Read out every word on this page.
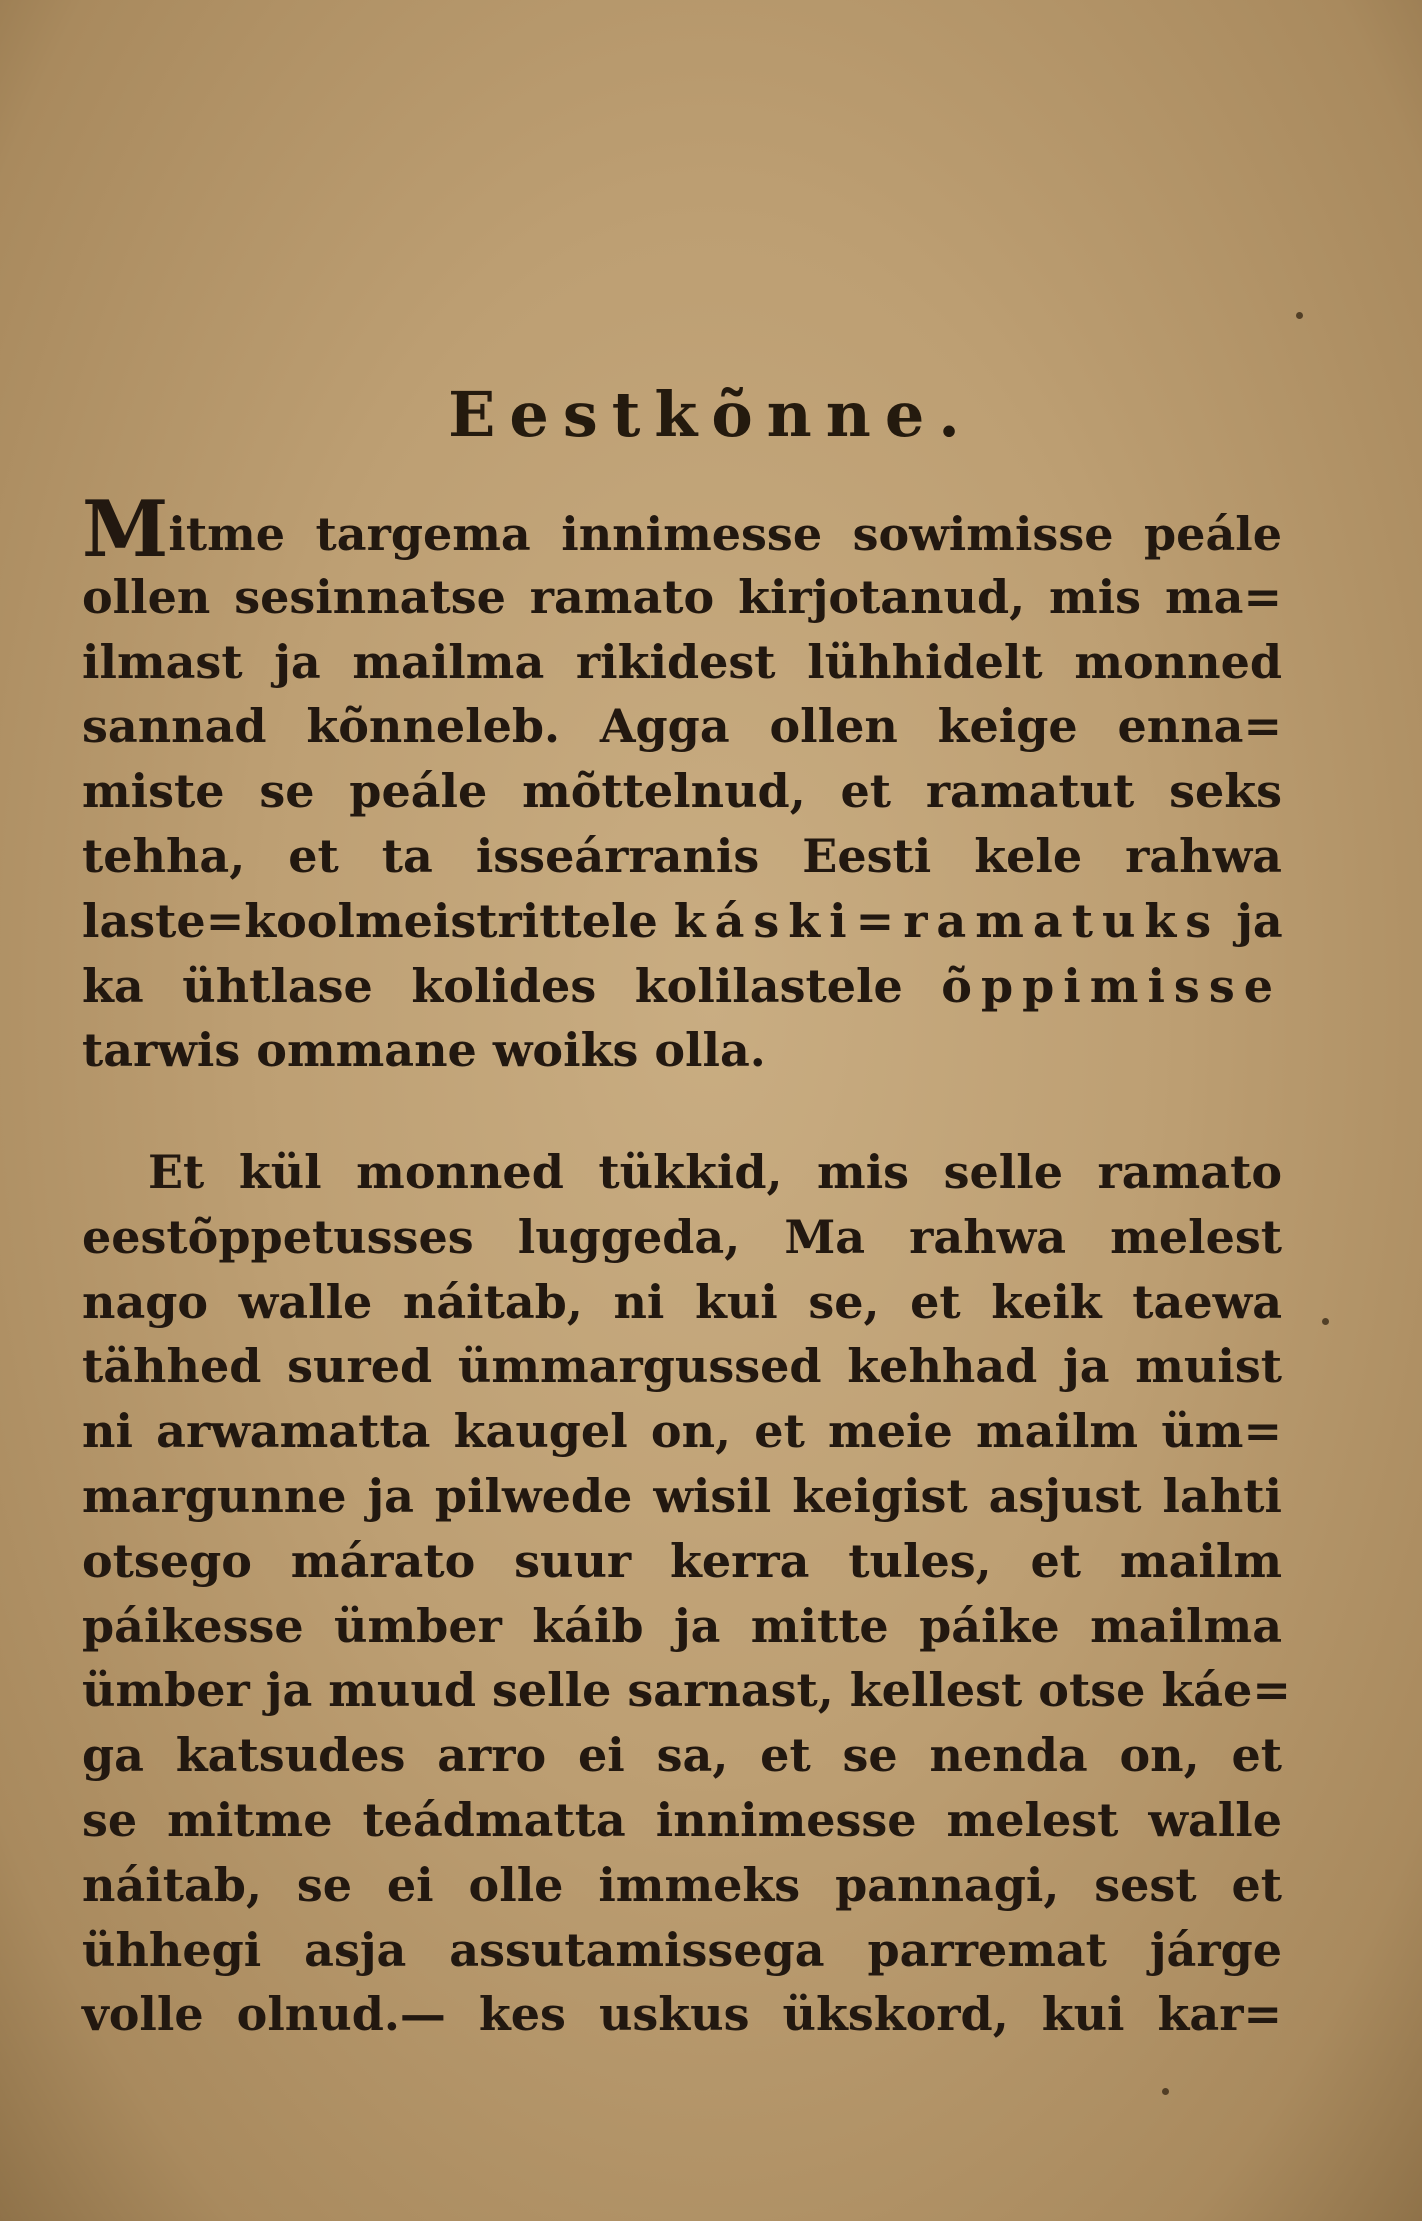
Eestkõnne.
Mitme targema innimesse sowimisse peále
ollen sesinnatse ramato kirjotanud, mis ma=
ilmast ja mailma rikidest lühhidelt monned
sannad kõnneleb. Agga ollen keige enna=
miste se peále mõttelnud, et ramatut seks
tehha, et ta isseárranis Eesti kele rahwa
laste=koolmeistrittele káski=ramatuks ja
ka ühtlase kolides kolilastele õppimisse
tarwis ommane woiks olla.
Et kül monned tükkid, mis selle ramato
eestõppetusses luggeda, Ma rahwa melest
nago walle náitab, ni kui se, et keik taewa
tähhed sured ümmargussed kehhad ja muist
ni arwamatta kaugel on, et meie mailm üm=
margunne ja pilwede wisil keigist asjust lahti
otsego márato suur kerra tules, et mailm
páikesse ümber káib ja mitte páike mailma
ümber ja muud selle sarnast, kellest otse káe=
ga katsudes arro ei sa, et se nenda on, et
se mitme teádmatta innimesse melest walle
náitab, se ei olle immeks pannagi, sest et
ühhegi asja assutamissega parremat járge
volle olnud.— kes uskus ükskord, kui kar=
